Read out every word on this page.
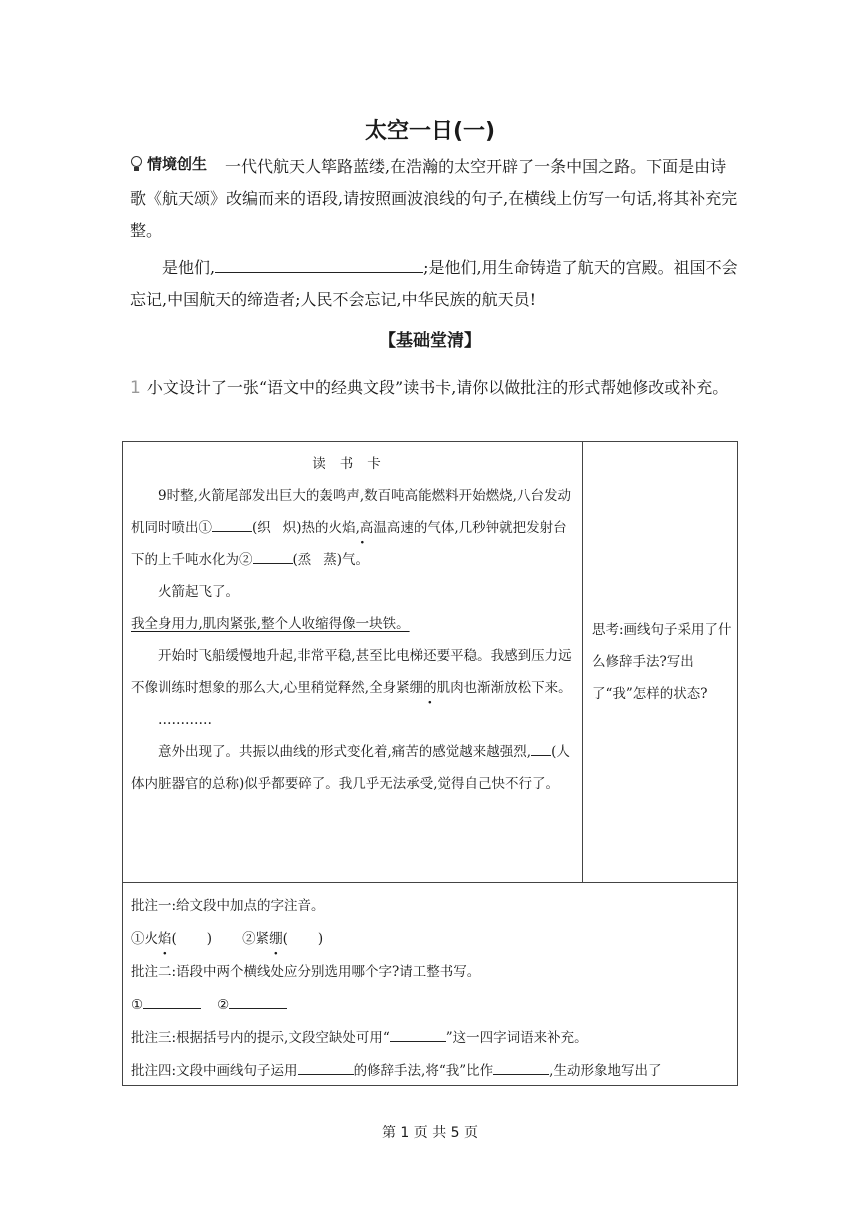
太空一日(一)
情境创生 一代代航天人筚路蓝缕,在浩瀚的太空开辟了一条中国之路。下面是由诗歌《航天颂》改编而来的语段,请按照画波浪线的句子,在横线上仿写一句话,将其补充完整。
是他们,	;是他们,用生命铸造了航天的宫殿。祖国不会忘记,中国航天的缔造者;人民不会忘记,中华民族的航天员!
【基础堂清】
1 小文设计了一张“语文中的经典文段”读书卡,请你以做批注的形式帮她修改或补充。

读书卡

9时整,火箭尾部发出巨大的轰鸣声,数百吨高能燃料开始燃烧,八台发动机同时喷出①	(织 炽)热的火焰,高温高速的气体,几秒钟就把发射台下的上千吨水化为②	(烝 蒸)气。

火箭起飞了。

我全身用力,肌肉紧张,整个人收缩得像一块铁。

开始时飞船缓慢地升起,非常平稳,甚至比电梯还要平稳。我感到压力远不像训练时想象的那么大,心里稍觉释然,全身紧绷的肌肉也渐渐放松下来。

…………

意外出现了。共振以曲线的形式变化着,痛苦的感觉越来越强烈, (人体内脏器官的总称)似乎都要碎了。我几乎无法承受,觉得自己快不行了。

思考:画线句子采用了什么修辞手法?写出了“我”怎样的状态?

批注一:给文段中加点的字注音。

①火焰( ) ②紧绷( )

批注二:语段中两个横线处应分别选用哪个字?请工整书写。

①	②

批注三:根据括号内的提示,文段空缺处可用“	”这一四字词语来补充。

批注四:文段中画线句子运用	的修辞手法,将“我”比作	,生动形象地写出了

第 1 页 共 5 页
